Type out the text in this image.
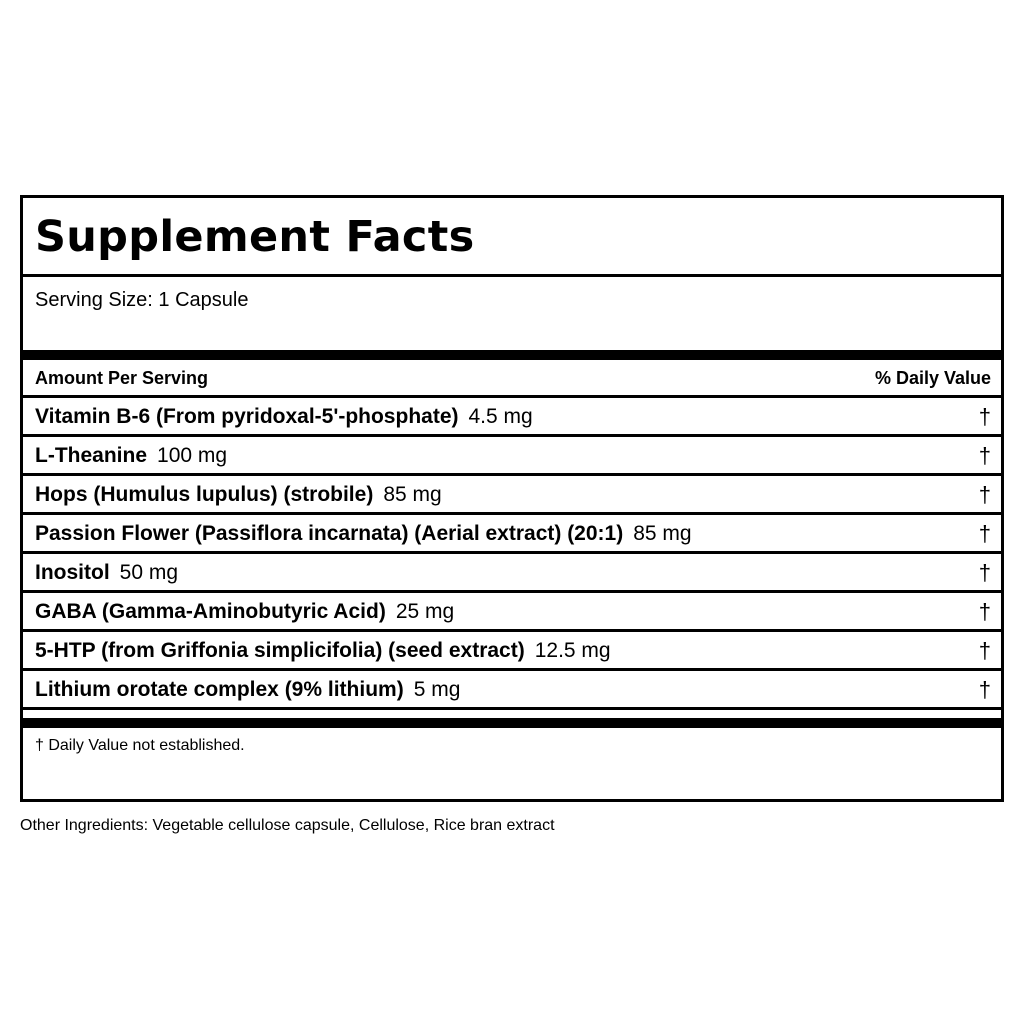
Supplement Facts
Serving Size: 1 Capsule
Amount Per Serving	% Daily Value
Vitamin B-6 (From pyridoxal-5'-phosphate) 4.5 mg	†
L-Theanine 100 mg	†
Hops (Humulus lupulus) (strobile) 85 mg	†
Passion Flower (Passiflora incarnata) (Aerial extract) (20:1) 85 mg	†
Inositol 50 mg	†
GABA (Gamma-Aminobutyric Acid) 25 mg	†
5-HTP (from Griffonia simplicifolia) (seed extract) 12.5 mg	†
Lithium orotate complex (9% lithium) 5 mg	†
† Daily Value not established.
Other Ingredients: Vegetable cellulose capsule, Cellulose, Rice bran extract
